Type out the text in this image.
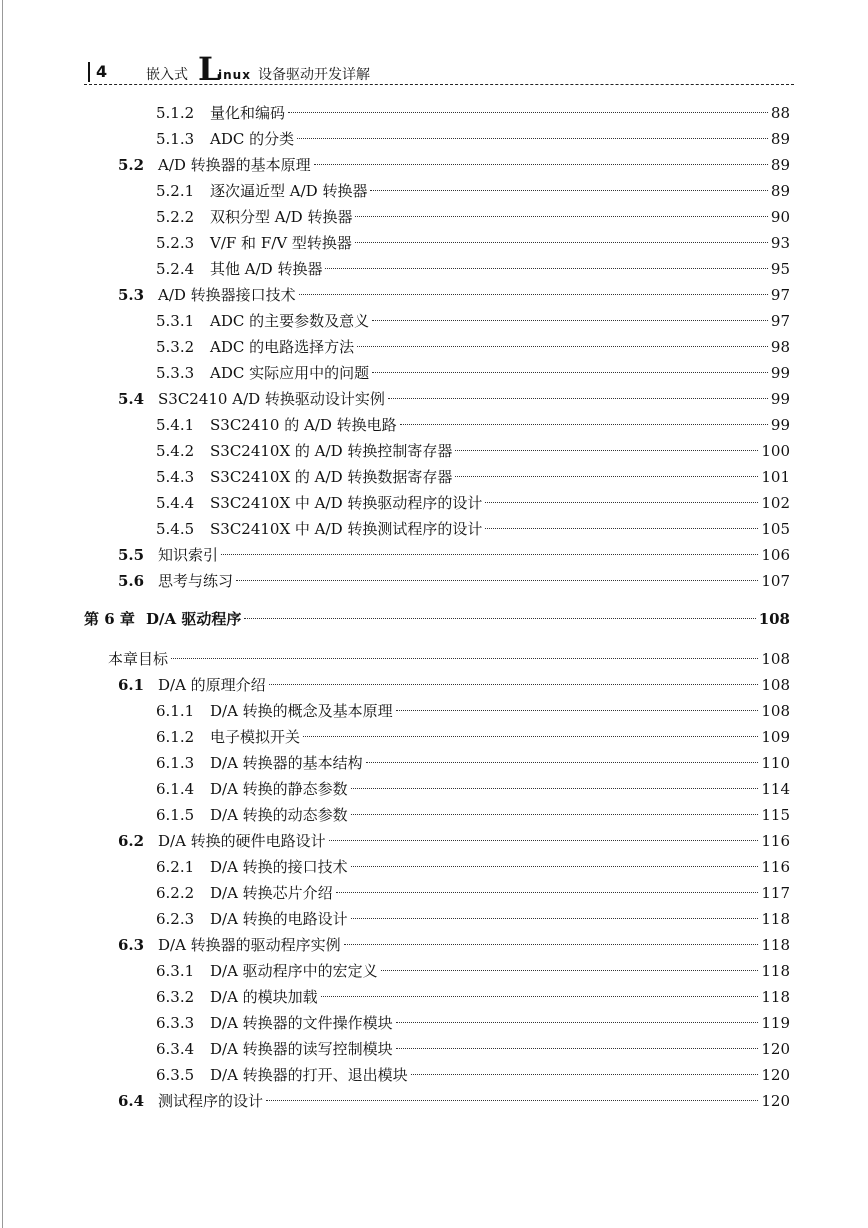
4	嵌入式 L
inux 设备驱动开发详解
5.1.2	量化和编码	88
5.1.3	ADC 的分类	89
5.2 A/D 转换器的基本原理	89
5.2.1	逐次逼近型 A/D 转换器	89
5.2.2	双积分型 A/D 转换器	90
5.2.3	V/F 和 F/V 型转换器	93
5.2.4	其他 A/D 转换器	95
5.3 A/D 转换器接口技术	97
5.3.1	ADC 的主要参数及意义	97
5.3.2	ADC 的电路选择方法	98
5.3.3	ADC 实际应用中的问题	99
5.4 S3C2410 A/D 转换驱动设计实例	99
5.4.1	S3C2410 的 A/D 转换电路	99
5.4.2	S3C2410X 的 A/D 转换控制寄存器	100
5.4.3	S3C2410X 的 A/D 转换数据寄存器	101
5.4.4	S3C2410X 中 A/D 转换驱动程序的设计	102
5.4.5	S3C2410X 中 A/D 转换测试程序的设计	105
5.5 知识索引	106
5.6 思考与练习	107
第 6 章 D/A 驱动程序	108
本章目标	108
6.1 D/A 的原理介绍	108
6.1.1	D/A 转换的概念及基本原理	108
6.1.2	电子模拟开关	109
6.1.3	D/A 转换器的基本结构	110
6.1.4	D/A 转换的静态参数	114
6.1.5	D/A 转换的动态参数	115
6.2 D/A 转换的硬件电路设计	116
6.2.1	D/A 转换的接口技术	116
6.2.2	D/A 转换芯片介绍	117
6.2.3	D/A 转换的电路设计	118
6.3 D/A 转换器的驱动程序实例	118
6.3.1	D/A 驱动程序中的宏定义	118
6.3.2	D/A 的模块加载	118
6.3.3	D/A 转换器的文件操作模块	119
6.3.4	D/A 转换器的读写控制模块	120
6.3.5	D/A 转换器的打开、退出模块	120
6.4 测试程序的设计	120
